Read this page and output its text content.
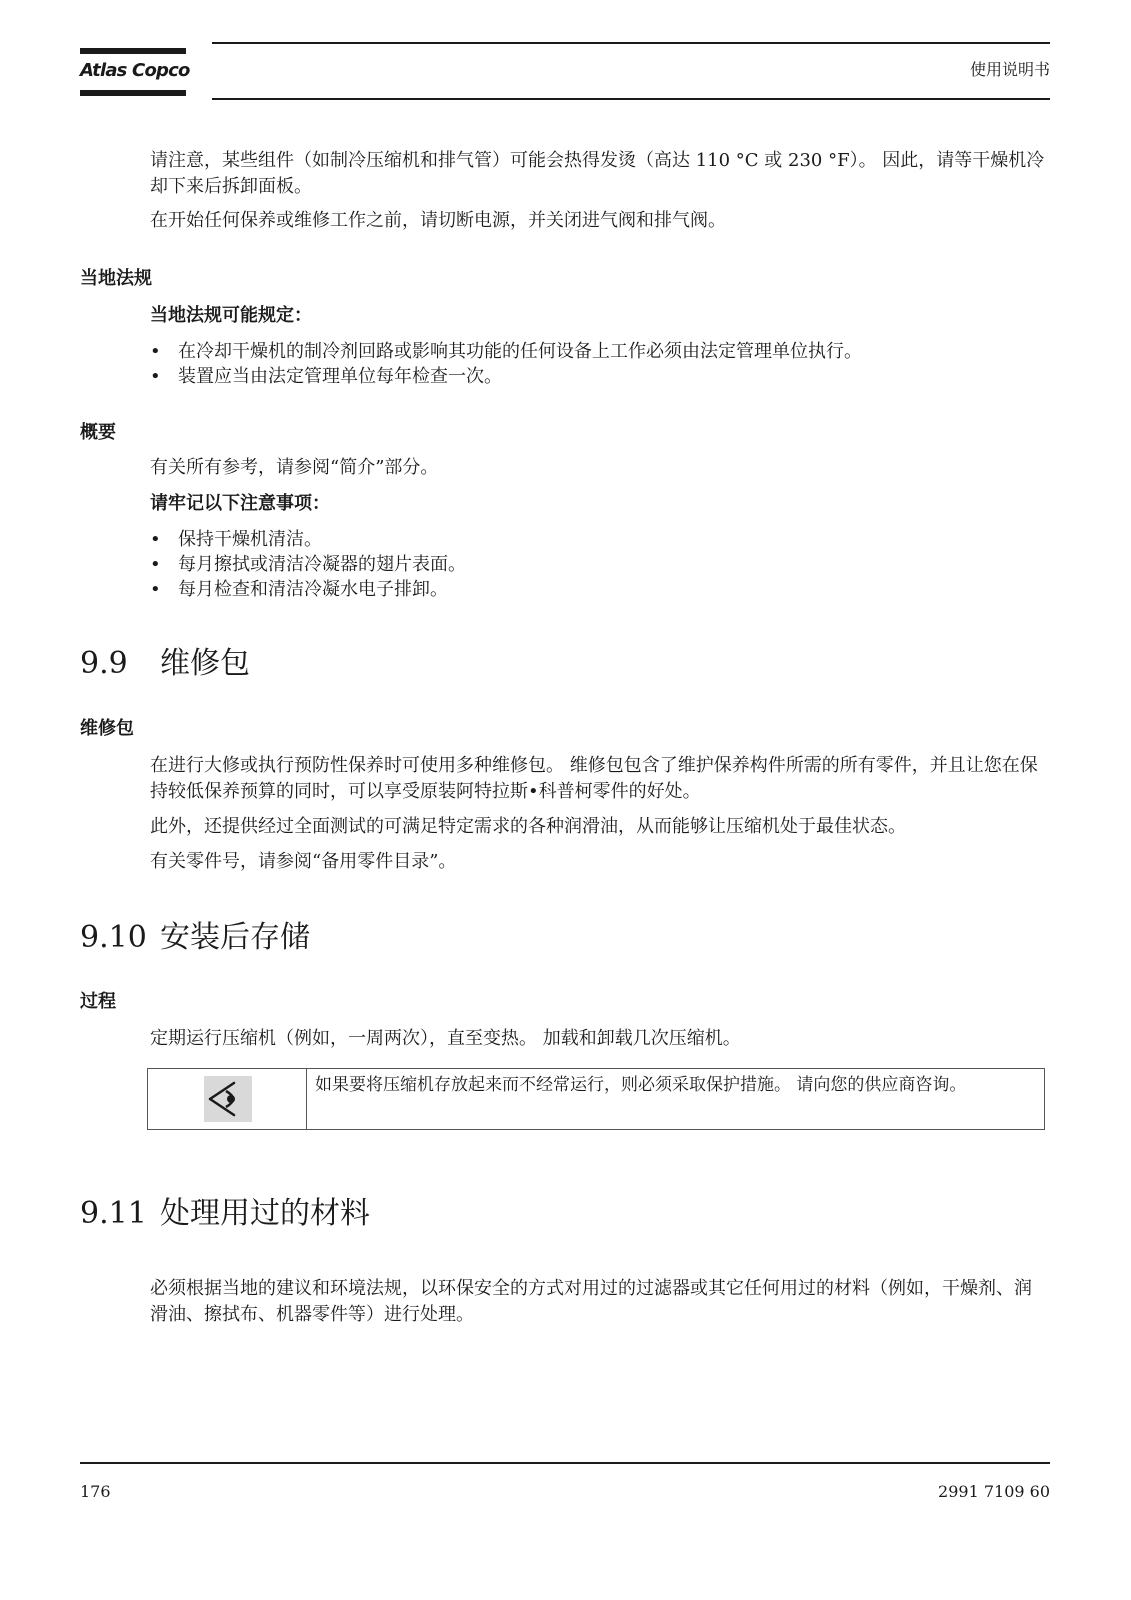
Atlas Copco	使用说明书

请注意，某些组件（如制冷压缩机和排气管）可能会热得发烫（高达 110 °C 或 230 °F）。 因此，请等干燥机冷却下来后拆卸面板。

在开始任何保养或维修工作之前，请切断电源，并关闭进气阀和排气阀。

当地法规

当地法规可能规定：

• 在冷却干燥机的制冷剂回路或影响其功能的任何设备上工作必须由法定管理单位执行。
• 装置应当由法定管理单位每年检查一次。
概要

有关所有参考，请参阅“简介”部分。

请牢记以下注意事项：

• 保持干燥机清洁。
• 每月擦拭或清洁冷凝器的翅片表面。
• 每月检查和清洁冷凝水电子排卸。
9.9 维修包
维修包

在进行大修或执行预防性保养时可使用多种维修包。 维修包包含了维护保养构件所需的所有零件，并且让您在保持较低保养预算的同时，可以享受原装阿特拉斯•科普柯零件的好处。

此外，还提供经过全面测试的可满足特定需求的各种润滑油，从而能够让压缩机处于最佳状态。

有关零件号，请参阅“备用零件目录”。

9.10 安装后存储
过程

定期运行压缩机（例如，一周两次），直至变热。 加载和卸载几次压缩机。

如果要将压缩机存放起来而不经常运行，则必须采取保护措施。 请向您的供应商咨询。
9.11 处理用过的材料

必须根据当地的建议和环境法规，以环保安全的方式对用过的过滤器或其它任何用过的材料（例如，干燥剂、润滑油、擦拭布、机器零件等）进行处理。

176	2991 7109 60
